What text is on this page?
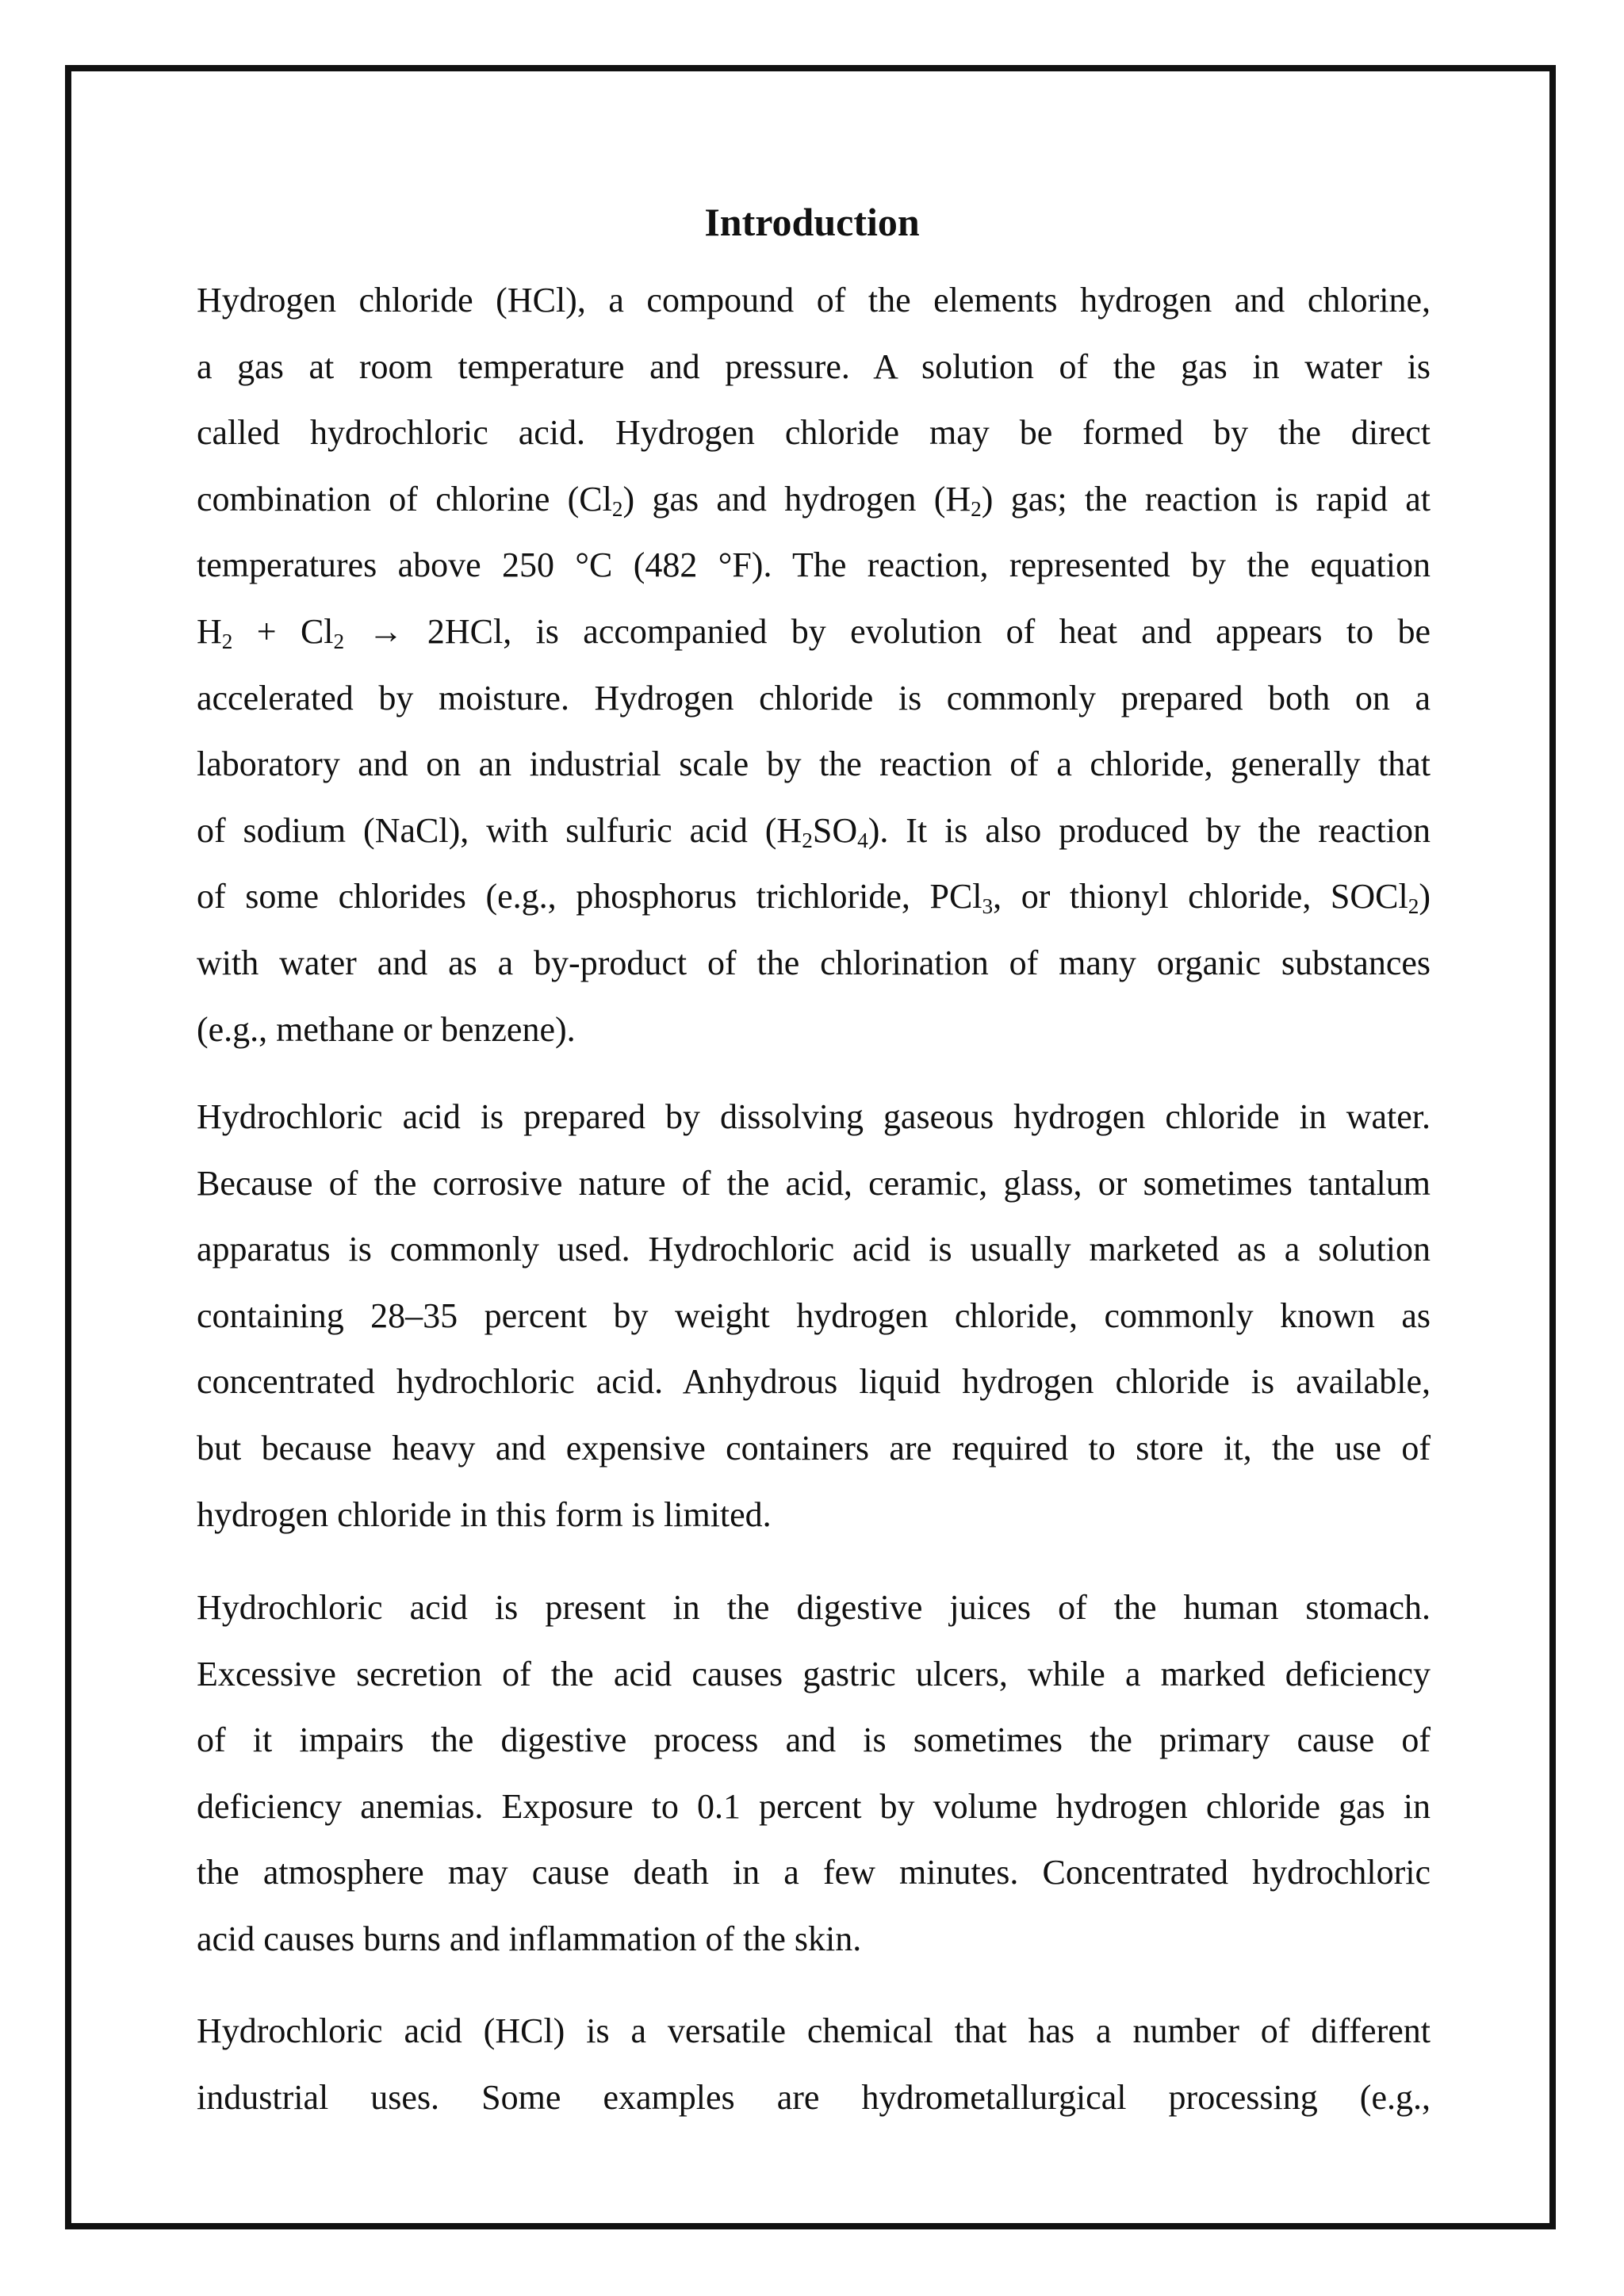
Introduction

Hydrogen chloride (HCl), a compound of the elements hydrogen and chlorine,
a gas at room temperature and pressure. A solution of the gas in water is
called hydrochloric acid. Hydrogen chloride may be formed by the direct
combination of chlorine $(Cl_2)$ gas and hydrogen $(H_2)$ gas; the reaction is rapid at
temperatures above 250 °C (482 °F). The reaction, represented by the equation
$H_2 + Cl_2 \to 2HCl$, is accompanied by evolution of heat and appears to be
accelerated by moisture. Hydrogen chloride is commonly prepared both on a
laboratory and on an industrial scale by the reaction of a chloride, generally that
of sodium (NaCl), with sulfuric acid $(H_2SO_4)$. It is also produced by the reaction
of some chlorides (e.g., phosphorus trichloride, PCl$_3$, or thionyl chloride, SOCl$_2$)
with water and as a by-product of the chlorination of many organic substances
(e.g., methane or benzene).

Hydrochloric acid is prepared by dissolving gaseous hydrogen chloride in water.
Because of the corrosive nature of the acid, ceramic, glass, or sometimes tantalum
apparatus is commonly used. Hydrochloric acid is usually marketed as a solution
containing 28–35 percent by weight hydrogen chloride, commonly known as
concentrated hydrochloric acid. Anhydrous liquid hydrogen chloride is available,
but because heavy and expensive containers are required to store it, the use of
hydrogen chloride in this form is limited.

Hydrochloric acid is present in the digestive juices of the human stomach.
Excessive secretion of the acid causes gastric ulcers, while a marked deficiency
of it impairs the digestive process and is sometimes the primary cause of
deficiency anemias. Exposure to 0.1 percent by volume hydrogen chloride gas in
the atmosphere may cause death in a few minutes. Concentrated hydrochloric
acid causes burns and inflammation of the skin.

Hydrochloric acid (HCl) is a versatile chemical that has a number of different
industrial uses. Some examples are hydrometallurgical processing (e.g.,
